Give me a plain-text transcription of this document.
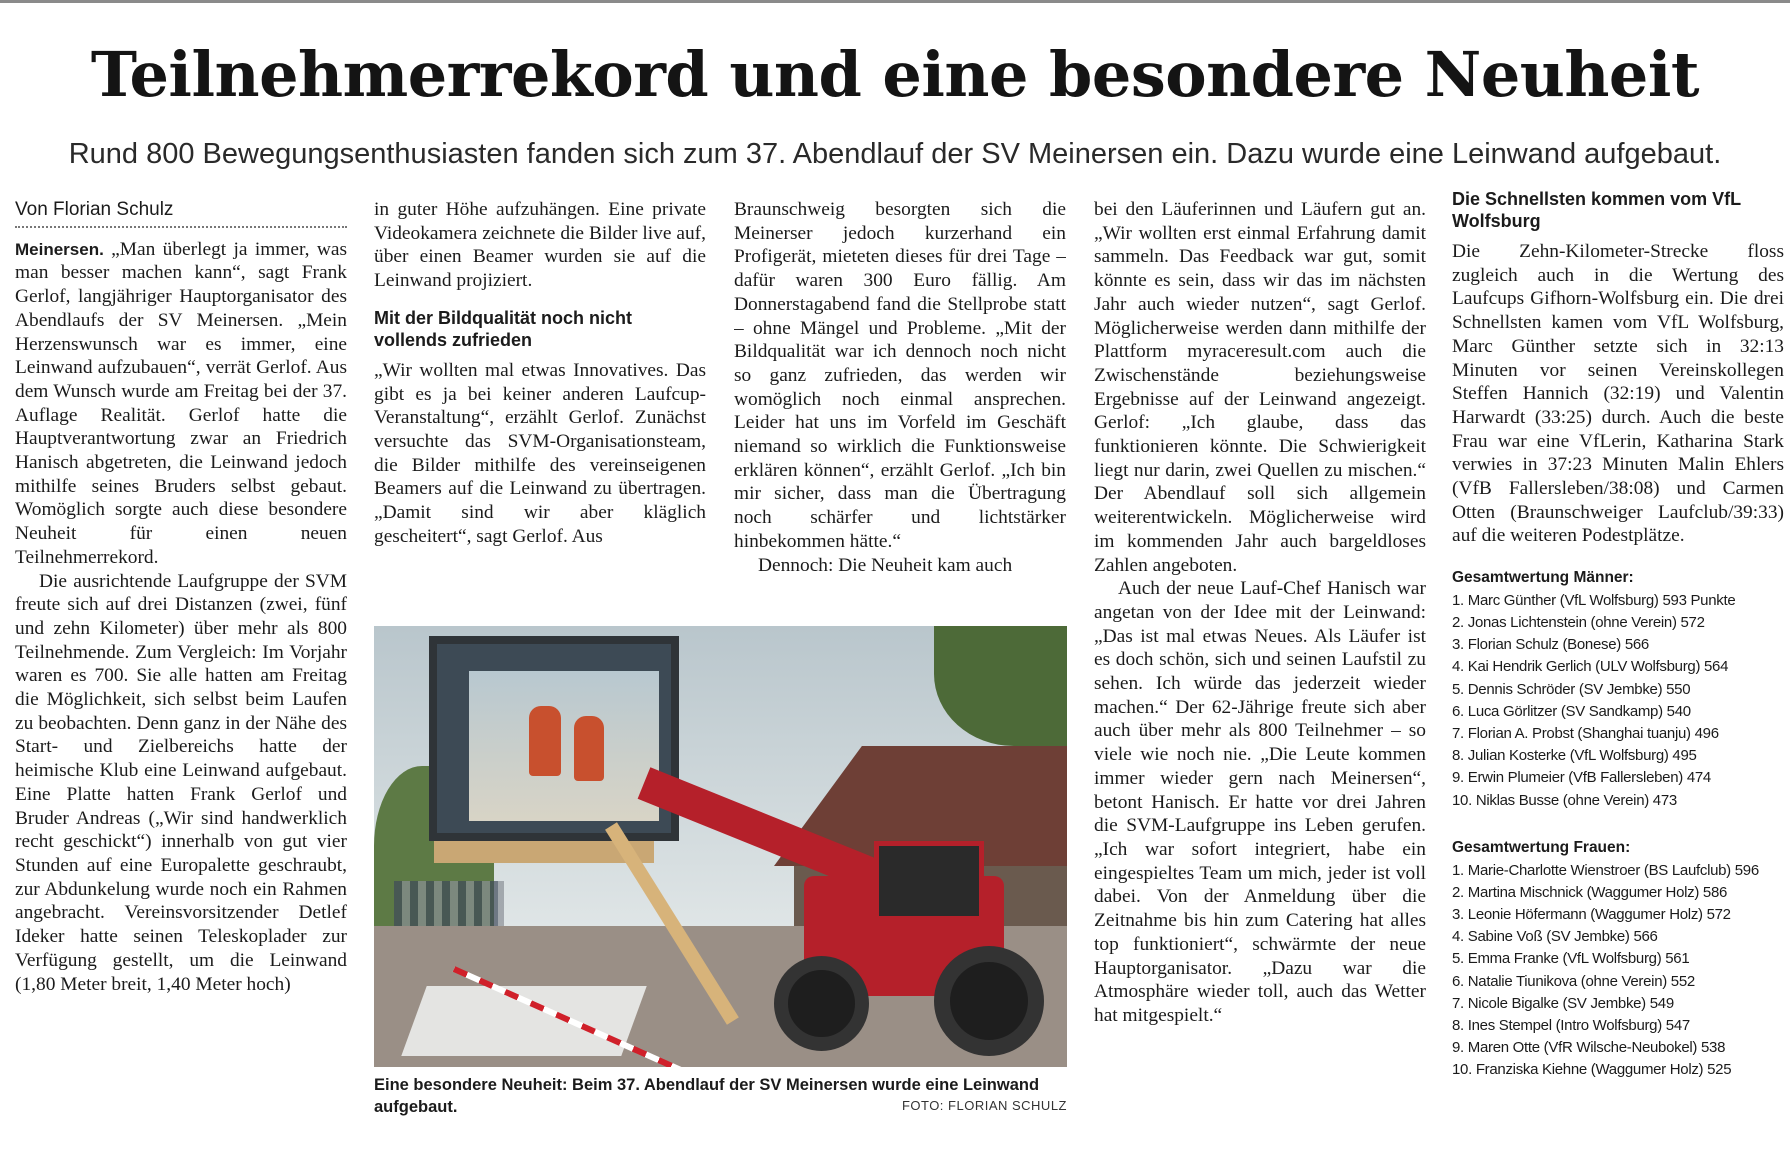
Teilnehmerrekord und eine besondere Neuheit
Rund 800 Bewegungsenthusiasten fanden sich zum 37. Abendlauf der SV Meinersen ein. Dazu wurde eine Leinwand aufgebaut.
Von Florian Schulz

Meinersen. „Man überlegt ja immer, was man besser machen kann“, sagt Frank Gerlof, langjähriger Hauptorganisator des Abendlaufs der SV Meinersen. „Mein Herzenswunsch war es immer, eine Leinwand aufzubauen“, verrät Gerlof. Aus dem Wunsch wurde am Freitag bei der 37. Auflage Realität. Gerlof hatte die Hauptverantwortung zwar an Friedrich Hanisch abgetreten, die Leinwand jedoch mithilfe seines Bruders selbst gebaut. Womöglich sorgte auch diese besondere Neuheit für einen neuen Teilnehmerrekord.

Die ausrichtende Laufgruppe der SVM freute sich auf drei Distanzen (zwei, fünf und zehn Kilometer) über mehr als 800 Teilnehmende. Zum Vergleich: Im Vorjahr waren es 700. Sie alle hatten am Freitag die Möglichkeit, sich selbst beim Laufen zu beobachten. Denn ganz in der Nähe des Start- und Zielbereichs hatte der heimische Klub eine Leinwand aufgebaut. Eine Platte hatten Frank Gerlof und Bruder Andreas („Wir sind handwerklich recht geschickt“) innerhalb von gut vier Stunden auf eine Europalette geschraubt, zur Abdunkelung wurde noch ein Rahmen angebracht. Vereinsvorsitzender Detlef Ideker hatte seinen Teleskoplader zur Verfügung gestellt, um die Leinwand (1,80 Meter breit, 1,40 Meter hoch)

in guter Höhe aufzuhängen. Eine private Videokamera zeichnete die Bilder live auf, über einen Beamer wurden sie auf die Leinwand projiziert.

Mit der Bildqualität noch nicht vollends zufrieden

„Wir wollten mal etwas Innovatives. Das gibt es ja bei keiner anderen Laufcup-Veranstaltung“, erzählt Gerlof. Zunächst versuchte das SVM-Organisationsteam, die Bilder mithilfe des vereinseigenen Beamers auf die Leinwand zu übertragen. „Damit sind wir aber kläglich gescheitert“, sagt Gerlof. Aus

Braunschweig besorgten sich die Meinerser jedoch kurzerhand ein Profigerät, mieteten dieses für drei Tage – dafür waren 300 Euro fällig. Am Donnerstagabend fand die Stellprobe statt – ohne Mängel und Probleme. „Mit der Bildqualität war ich dennoch noch nicht so ganz zufrieden, das werden wir womöglich noch einmal ansprechen. Leider hat uns im Vorfeld im Geschäft niemand so wirklich die Funktionsweise erklären können“, erzählt Gerlof. „Ich bin mir sicher, dass man die Übertragung noch schärfer und lichtstärker hinbekommen hätte.“

Dennoch: Die Neuheit kam auch

bei den Läuferinnen und Läufern gut an. „Wir wollten erst einmal Erfahrung damit sammeln. Das Feedback war gut, somit könnte es sein, dass wir das im nächsten Jahr auch wieder nutzen“, sagt Gerlof. Möglicherweise werden dann mithilfe der Plattform myraceresult.com auch die Zwischenstände beziehungsweise Ergebnisse auf der Leinwand angezeigt. Gerlof: „Ich glaube, dass das funktionieren könnte. Die Schwierigkeit liegt nur darin, zwei Quellen zu mischen.“ Der Abendlauf soll sich allgemein weiterentwickeln. Möglicherweise wird im kommenden Jahr auch bargeldloses Zahlen angeboten.

Auch der neue Lauf-Chef Hanisch war angetan von der Idee mit der Leinwand: „Das ist mal etwas Neues. Als Läufer ist es doch schön, sich und seinen Laufstil zu sehen. Ich würde das jederzeit wieder machen.“ Der 62-Jährige freute sich aber auch über mehr als 800 Teilnehmer – so viele wie noch nie. „Die Leute kommen immer wieder gern nach Meinersen“, betont Hanisch. Er hatte vor drei Jahren die SVM-Laufgruppe ins Leben gerufen. „Ich war sofort integriert, habe ein eingespieltes Team um mich, jeder ist voll dabei. Von der Anmeldung über die Zeitnahme bis hin zum Catering hat alles top funktioniert“, schwärmte der neue Hauptorganisator. „Dazu war die Atmosphäre wieder toll, auch das Wetter hat mitgespielt.“

Die Schnellsten kommen vom VfL Wolfsburg

Die Zehn-Kilometer-Strecke floss zugleich auch in die Wertung des Laufcups Gifhorn-Wolfsburg ein. Die drei Schnellsten kamen vom VfL Wolfsburg, Marc Günther setzte sich in 32:13 Minuten vor seinen Vereinskollegen Steffen Hannich (32:19) und Valentin Harwardt (33:25) durch. Auch die beste Frau war eine VfLerin, Katharina Stark verwies in 37:23 Minuten Malin Ehlers (VfB Fallersleben/38:08) und Carmen Otten (Braunschweiger Laufclub/39:33) auf die weiteren Podestplätze.

Gesamtwertung Männer:
1. Marc Günther (VfL Wolfsburg) 593 Punkte
2. Jonas Lichtenstein (ohne Verein) 572
3. Florian Schulz (Bonese) 566
4. Kai Hendrik Gerlich (ULV Wolfsburg) 564
5. Dennis Schröder (SV Jembke) 550
6. Luca Görlitzer (SV Sandkamp) 540
7. Florian A. Probst (Shanghai tuanju) 496
8. Julian Kosterke (VfL Wolfsburg) 495
9. Erwin Plumeier (VfB Fallersleben) 474
10. Niklas Busse (ohne Verein) 473
Gesamtwertung Frauen:
1. Marie-Charlotte Wienstroer (BS Laufclub) 596
2. Martina Mischnick (Waggumer Holz) 586
3. Leonie Höfermann (Waggumer Holz) 572
4. Sabine Voß (SV Jembke) 566
5. Emma Franke (VfL Wolfsburg) 561
6. Natalie Tiunikova (ohne Verein) 552
7. Nicole Bigalke (SV Jembke) 549
8. Ines Stempel (Intro Wolfsburg) 547
9. Maren Otte (VfR Wilsche-Neubokel) 538
10. Franziska Kiehne (Waggumer Holz) 525
Eine besondere Neuheit: Beim 37. Abendlauf der SV Meinersen wurde eine Leinwand aufgebaut.	FOTO: FLORIAN SCHULZ
